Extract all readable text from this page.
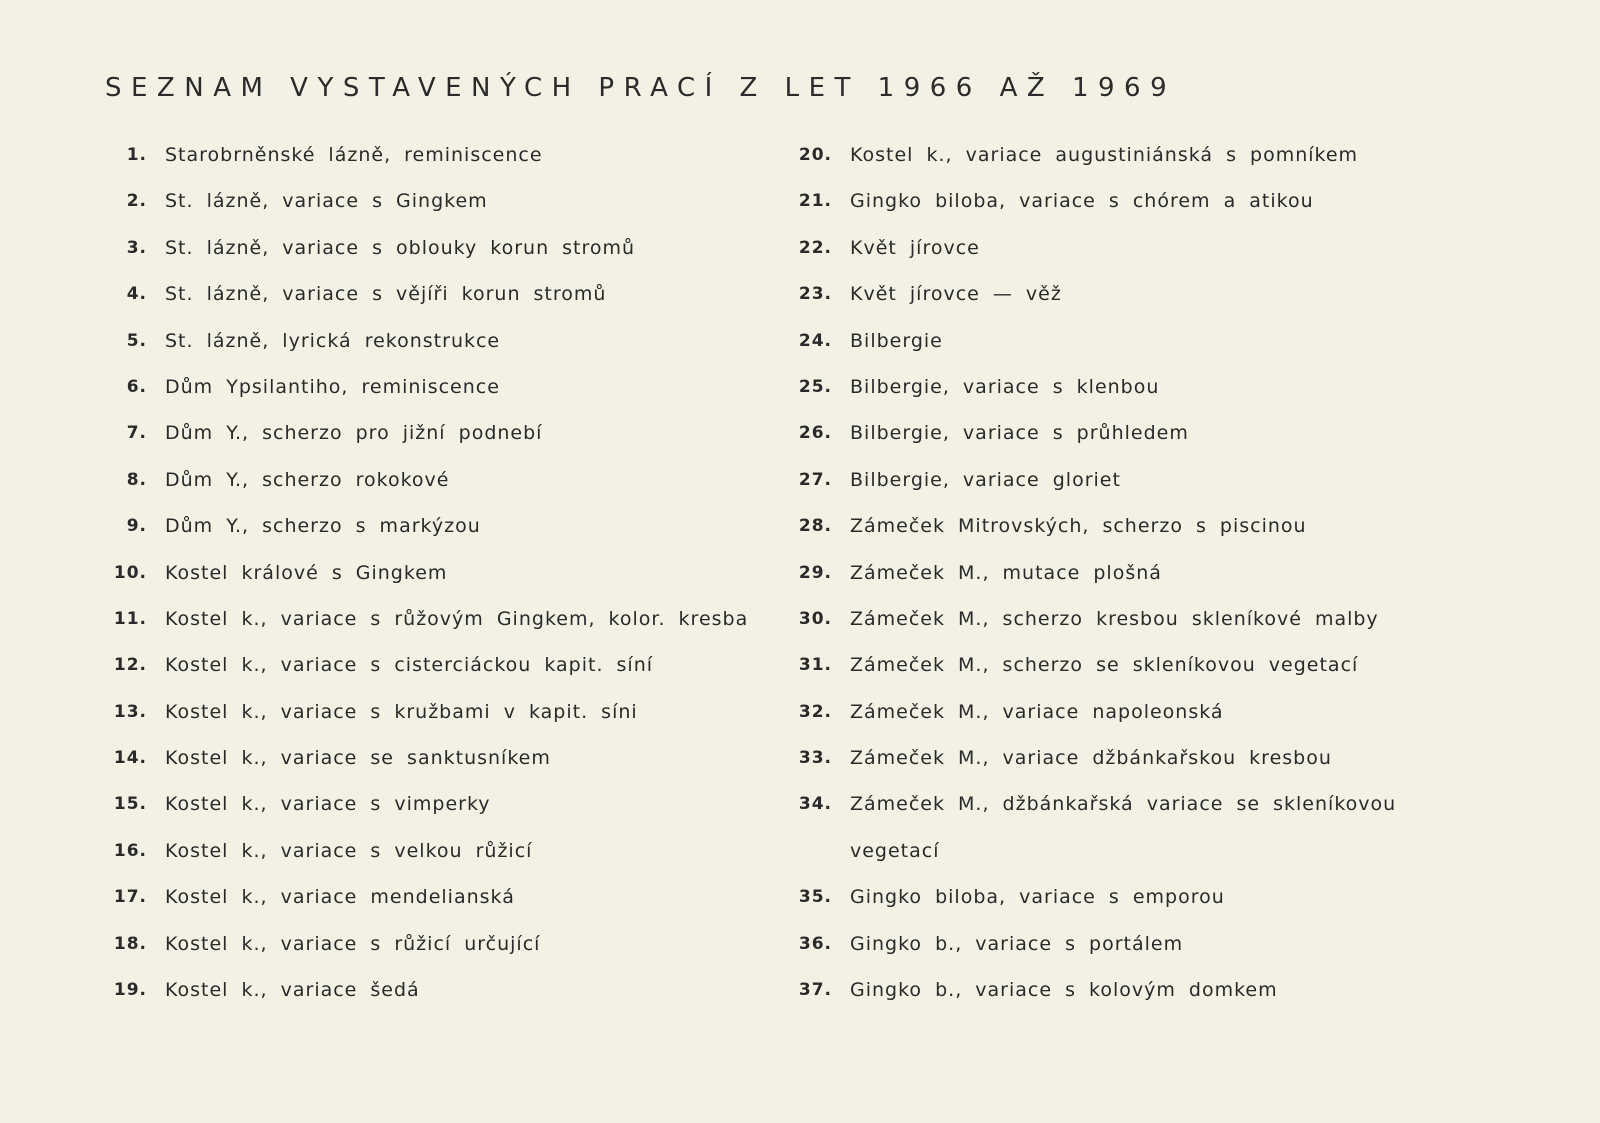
SEZNAM VYSTAVENÝCH PRACÍ Z LET 1966 AŽ 1969
1. Starobrněnské lázně, reminiscence
2. St. lázně, variace s Gingkem
3. St. lázně, variace s oblouky korun stromů
4. St. lázně, variace s vějíři korun stromů
5. St. lázně, lyrická rekonstrukce
6. Dům Ypsilantiho, reminiscence
7. Dům Y., scherzo pro jižní podnebí
8. Dům Y., scherzo rokokové
9. Dům Y., scherzo s markýzou
10. Kostel králové s Gingkem
11. Kostel k., variace s růžovým Gingkem, kolor. kresba
12. Kostel k., variace s cisterciáckou kapit. síní
13. Kostel k., variace s kružbami v kapit. síni
14. Kostel k., variace se sanktusníkem
15. Kostel k., variace s vimperky
16. Kostel k., variace s velkou růžicí
17. Kostel k., variace mendelianská
18. Kostel k., variace s růžicí určující
19. Kostel k., variace šedá
20. Kostel k., variace augustiniánská s pomníkem
21. Gingko biloba, variace s chórem a atikou
22. Květ jírovce
23. Květ jírovce — věž
24. Bilbergie
25. Bilbergie, variace s klenbou
26. Bilbergie, variace s průhledem
27. Bilbergie, variace gloriet
28. Zámeček Mitrovských, scherzo s piscinou
29. Zámeček M., mutace plošná
30. Zámeček M., scherzo kresbou skleníkové malby
31. Zámeček M., scherzo se skleníkovou vegetací
32. Zámeček M., variace napoleonská
33. Zámeček M., variace džbánkařskou kresbou
34. Zámeček M., džbánkařská variace se skleníkovou vegetací
35. Gingko biloba, variace s emporou
36. Gingko b., variace s portálem
37. Gingko b., variace s kolovým domkem
